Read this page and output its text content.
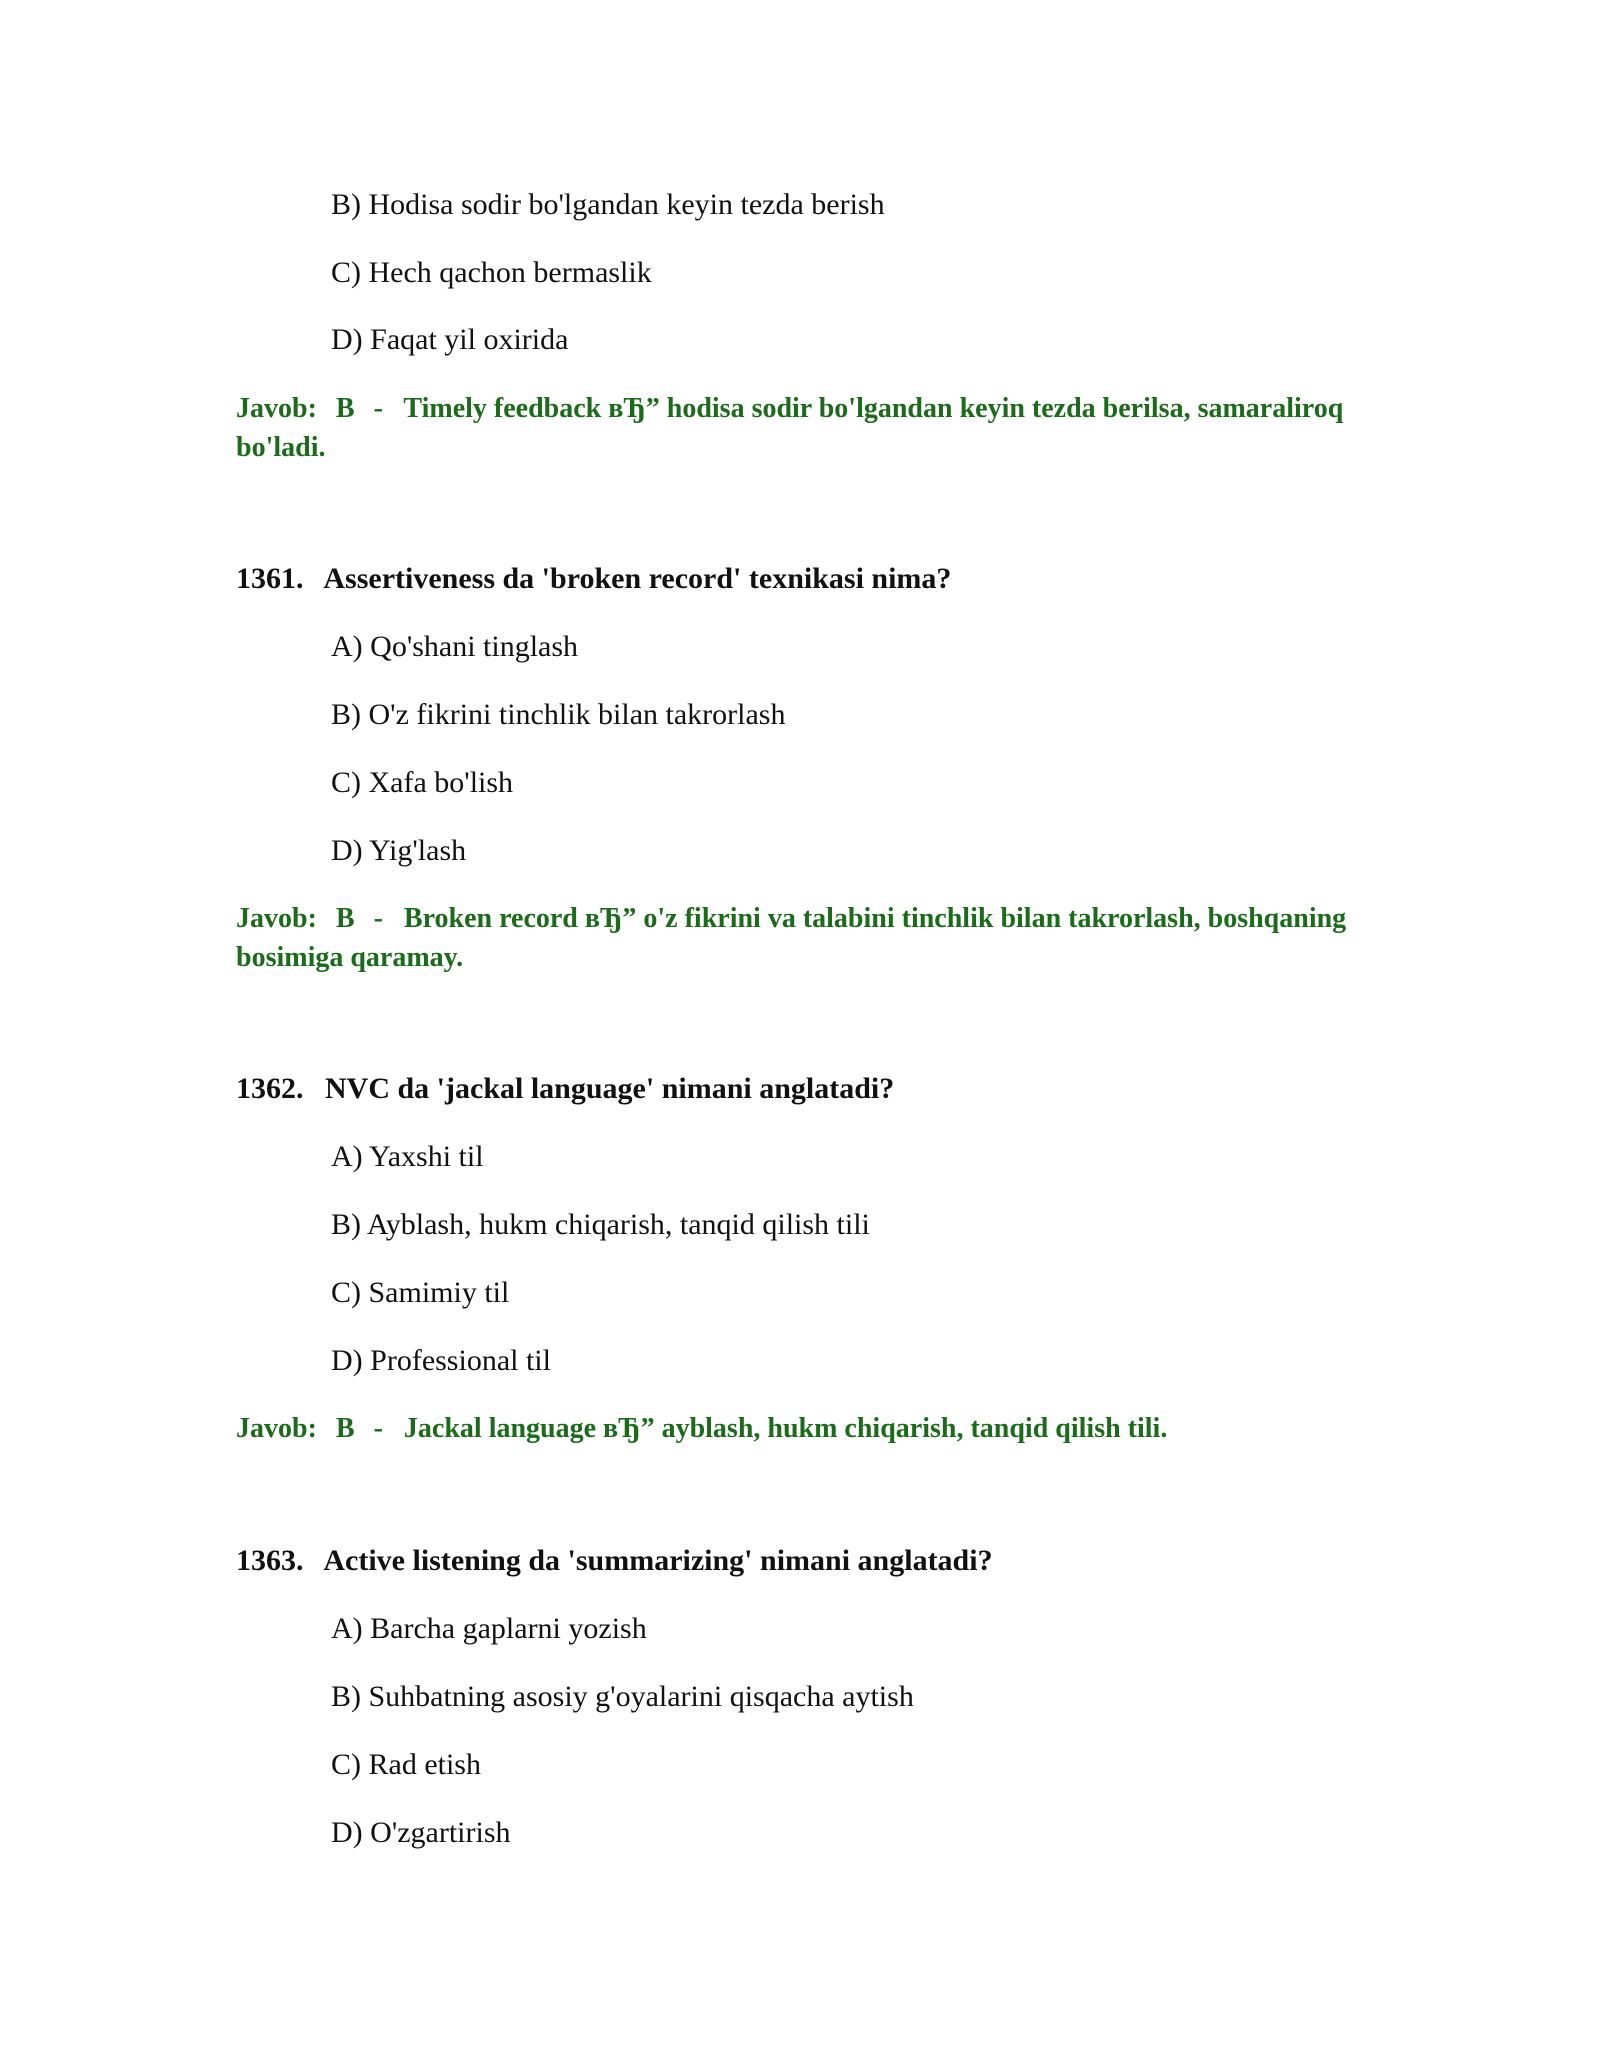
B) Hodisa sodir bo'lgandan keyin tezda berish
C) Hech qachon bermaslik
D) Faqat yil oxirida
Javob: B - Timely feedback вЂ” hodisa sodir bo'lgandan keyin tezda berilsa, samaraliroq bo'ladi.
1361. Assertiveness da 'broken record' texnikasi nima?
A) Qo'shani tinglash
B) O'z fikrini tinchlik bilan takrorlash
C) Xafa bo'lish
D) Yig'lash
Javob: B - Broken record вЂ” o'z fikrini va talabini tinchlik bilan takrorlash, boshqaning bosimiga qaramay.
1362. NVC da 'jackal language' nimani anglatadi?
A) Yaxshi til
B) Ayblash, hukm chiqarish, tanqid qilish tili
C) Samimiy til
D) Professional til
Javob: B - Jackal language вЂ” ayblash, hukm chiqarish, tanqid qilish tili.
1363. Active listening da 'summarizing' nimani anglatadi?
A) Barcha gaplarni yozish
B) Suhbatning asosiy g'oyalarini qisqacha aytish
C) Rad etish
D) O'zgartirish
